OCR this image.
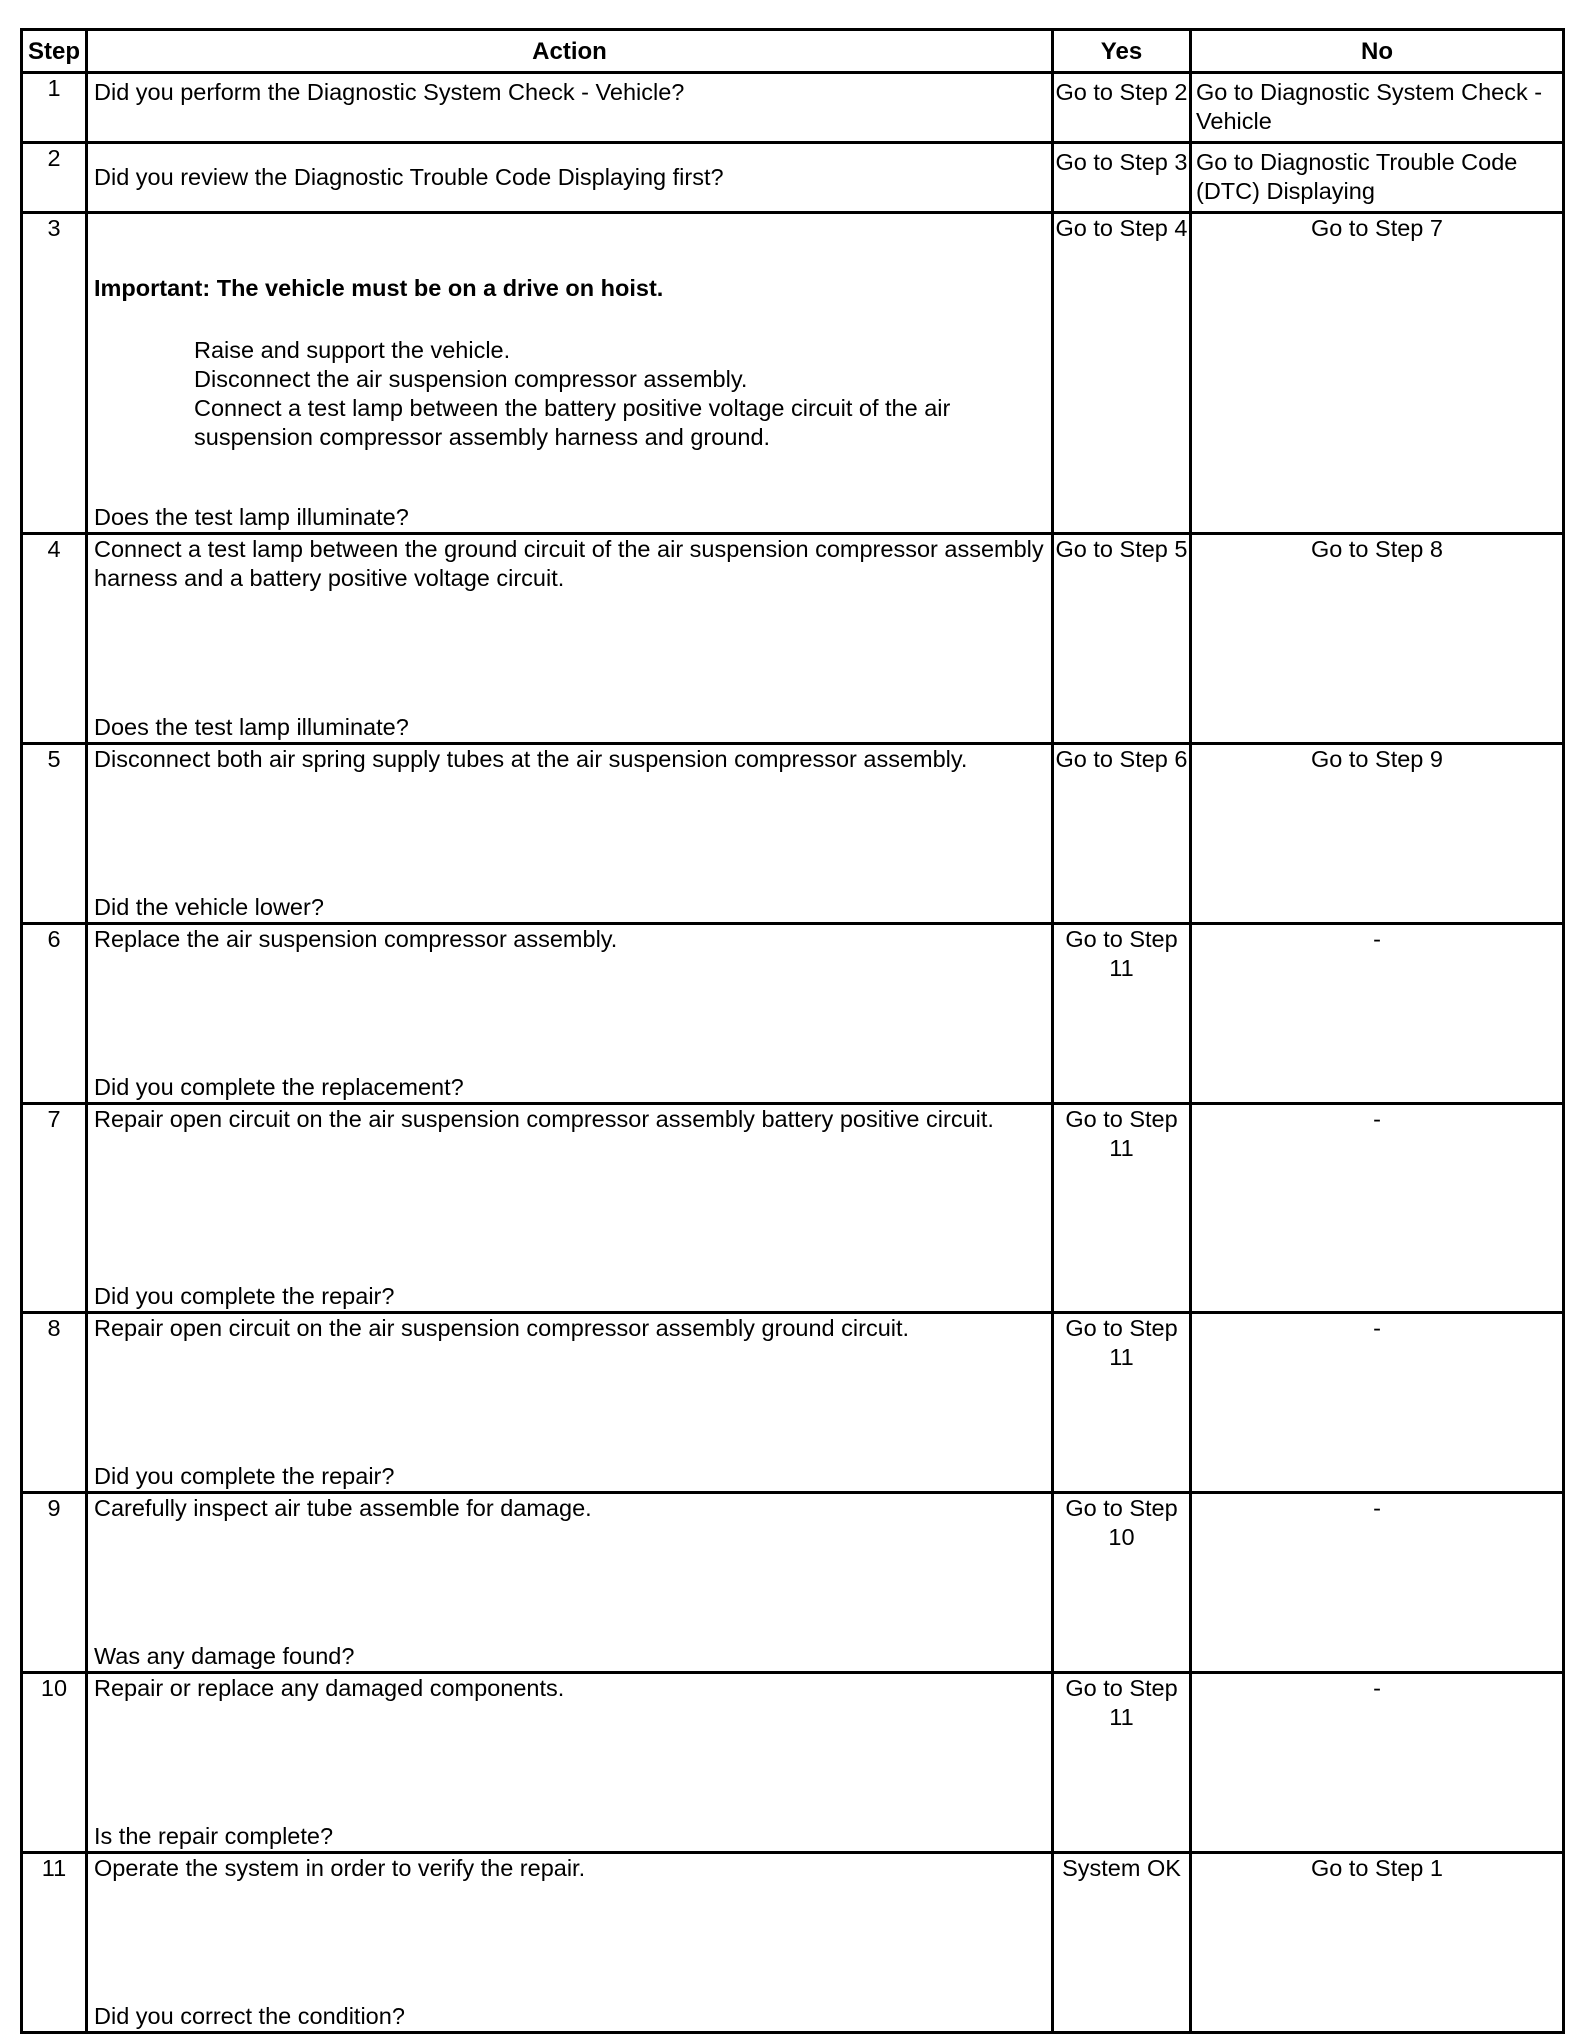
Step	Action	Yes	No
1	Did you perform the Diagnostic System Check - Vehicle?	Go to Step 2	Go to Diagnostic System Check - Vehicle
2	Did you review the Diagnostic Trouble Code Displaying first?	Go to Step 3	Go to Diagnostic Trouble Code (DTC) Displaying
3	Important: The vehicle must be on a drive on hoist.
Raise and support the vehicle.
Disconnect the air suspension compressor assembly.
Connect a test lamp between the battery positive voltage circuit of the air suspension compressor assembly harness and ground.
Does the test lamp illuminate?	Go to Step 4	Go to Step 7
4	Connect a test lamp between the ground circuit of the air suspension compressor assembly harness and a battery positive voltage circuit.
Does the test lamp illuminate?	Go to Step 5	Go to Step 8
5	Disconnect both air spring supply tubes at the air suspension compressor assembly.
Did the vehicle lower?	Go to Step 6	Go to Step 9
6	Replace the air suspension compressor assembly.
Did you complete the replacement?	Go to Step 11	-
7	Repair open circuit on the air suspension compressor assembly battery positive circuit.
Did you complete the repair?	Go to Step 11	-
8	Repair open circuit on the air suspension compressor assembly ground circuit.
Did you complete the repair?	Go to Step 11	-
9	Carefully inspect air tube assemble for damage.
Was any damage found?	Go to Step 10	-
10	Repair or replace any damaged components.
Is the repair complete?	Go to Step 11	-
11	Operate the system in order to verify the repair.
Did you correct the condition?	System OK	Go to Step 1
